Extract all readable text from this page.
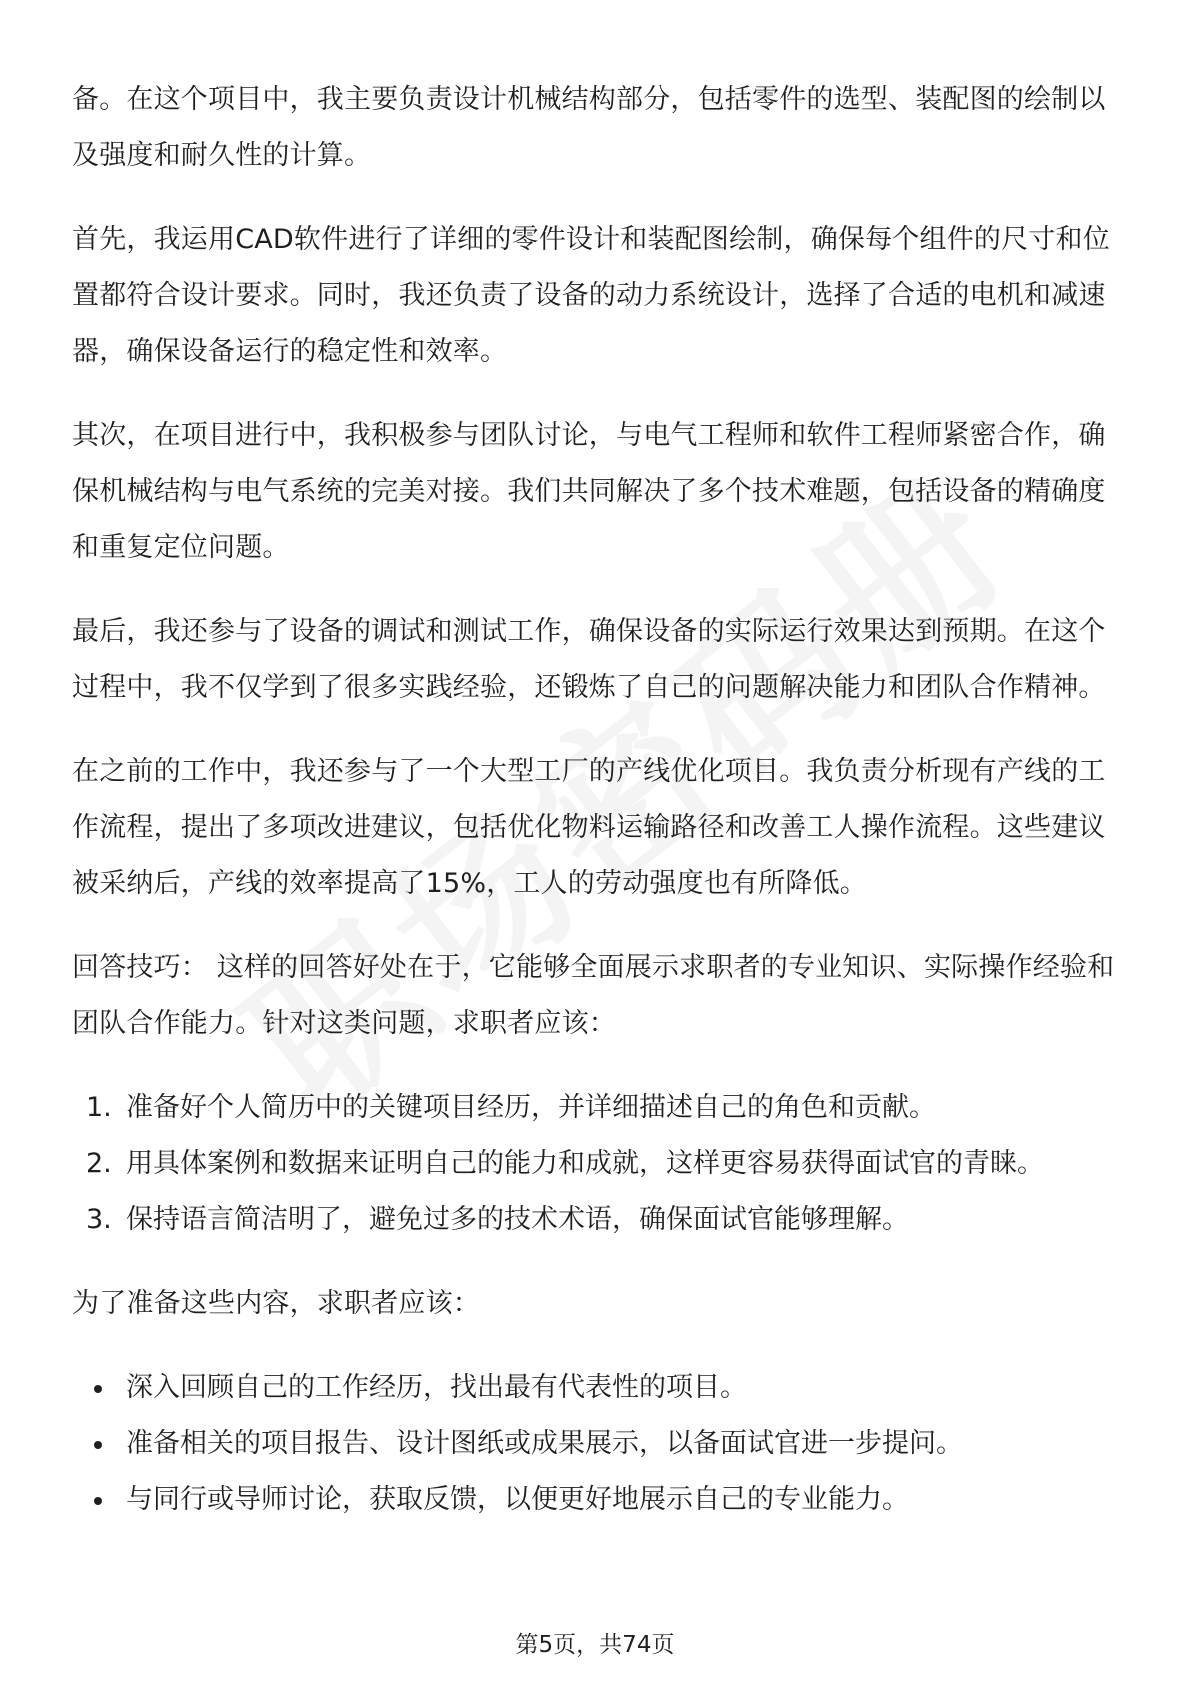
备。在这个项目中，我主要负责设计机械结构部分，包括零件的选型、装配图的绘制以及强度和耐久性的计算。

首先，我运用CAD软件进行了详细的零件设计和装配图绘制，确保每个组件的尺寸和位置都符合设计要求。同时，我还负责了设备的动力系统设计，选择了合适的电机和减速器，确保设备运行的稳定性和效率。

其次，在项目进行中，我积极参与团队讨论，与电气工程师和软件工程师紧密合作，确保机械结构与电气系统的完美对接。我们共同解决了多个技术难题，包括设备的精确度和重复定位问题。

最后，我还参与了设备的调试和测试工作，确保设备的实际运行效果达到预期。在这个过程中，我不仅学到了很多实践经验，还锻炼了自己的问题解决能力和团队合作精神。

在之前的工作中，我还参与了一个大型工厂的产线优化项目。我负责分析现有产线的工作流程，提出了多项改进建议，包括优化物料运输路径和改善工人操作流程。这些建议被采纳后，产线的效率提高了15%，工人的劳动强度也有所降低。

回答技巧： 这样的回答好处在于，它能够全面展示求职者的专业知识、实际操作经验和团队合作能力。针对这类问题，求职者应该：

1. 准备好个人简历中的关键项目经历，并详细描述自己的角色和贡献。
2. 用具体案例和数据来证明自己的能力和成就，这样更容易获得面试官的青睐。
3. 保持语言简洁明了，避免过多的技术术语，确保面试官能够理解。

为了准备这些内容，求职者应该：

深入回顾自己的工作经历，找出最有代表性的项目。
准备相关的项目报告、设计图纸或成果展示，以备面试官进一步提问。
与同行或导师讨论，获取反馈，以便更好地展示自己的专业能力。
第5页，共74页
